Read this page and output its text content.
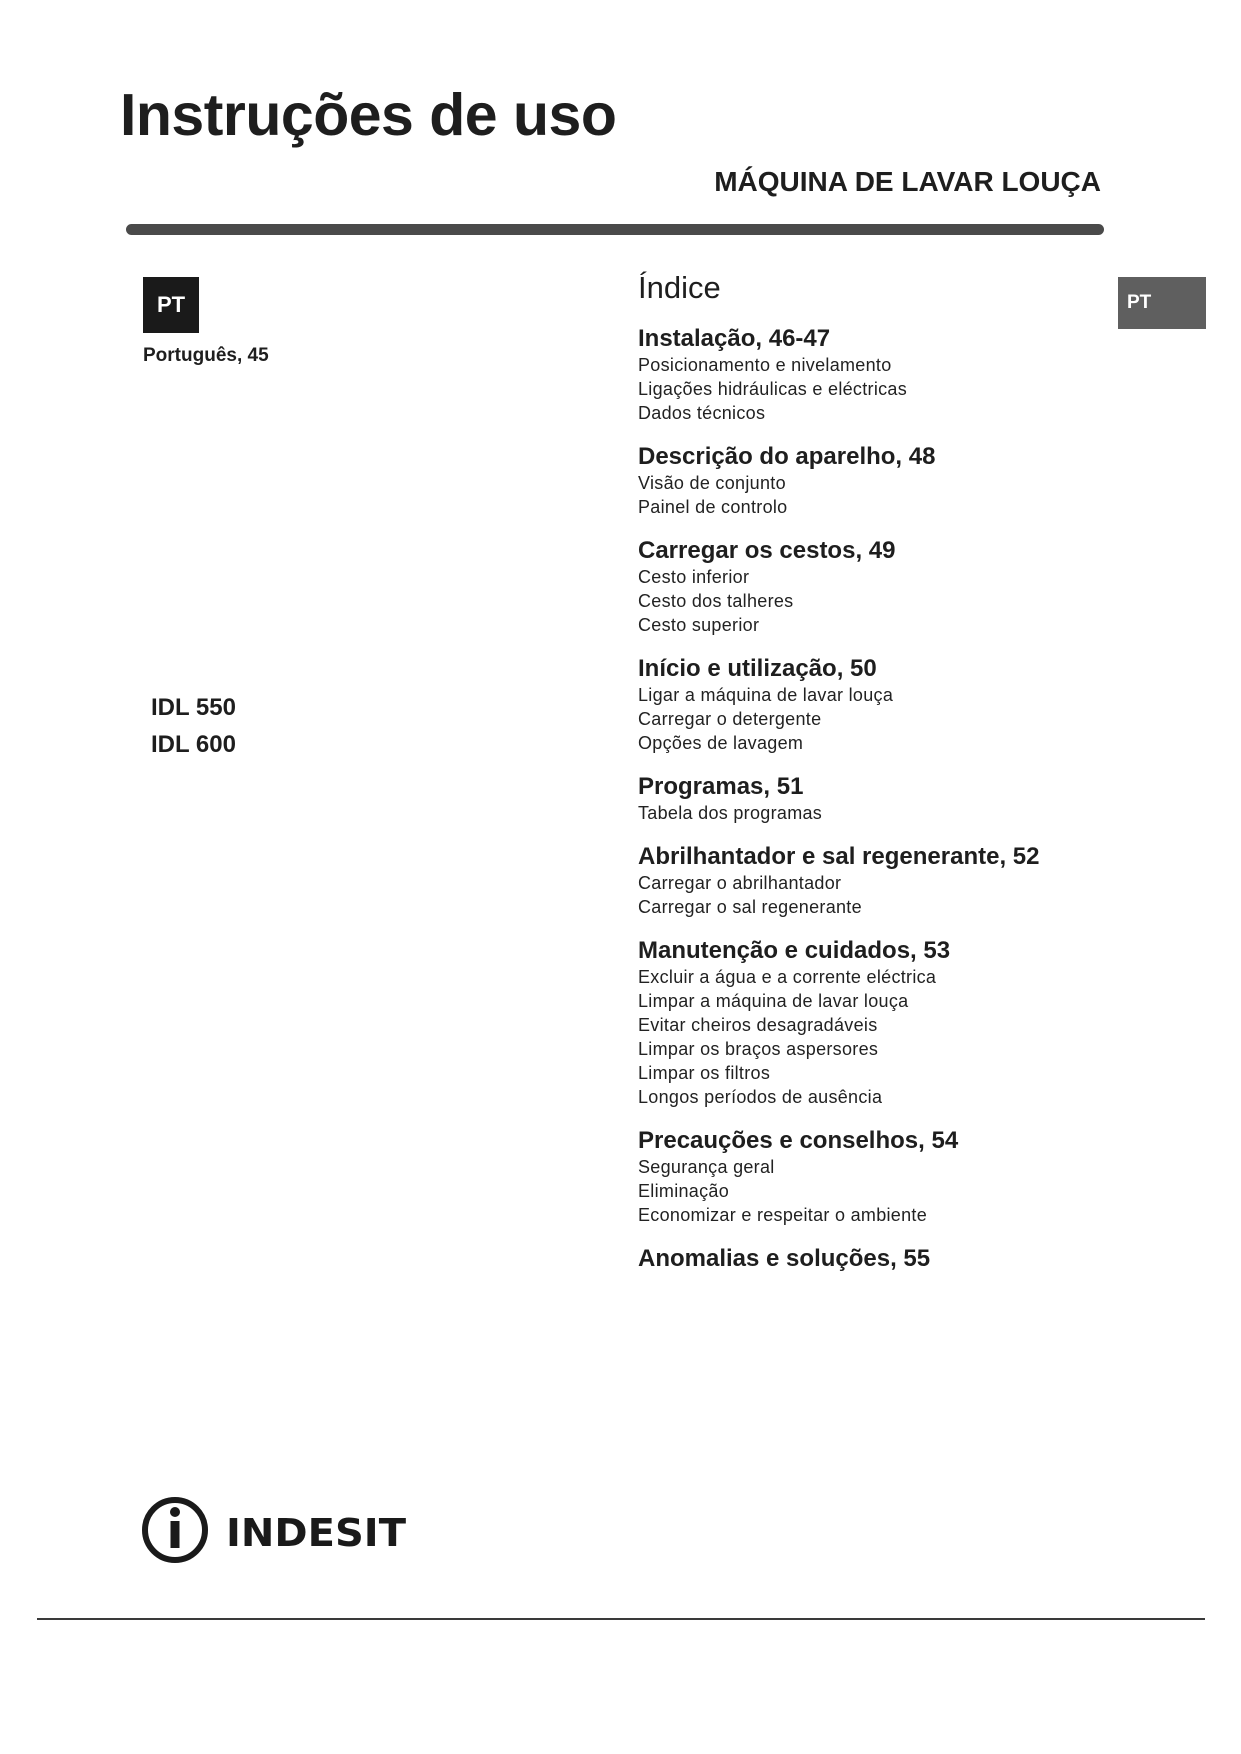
Instruções de uso
MÁQUINA DE LAVAR LOUÇA
PT
Português, 45
PT
IDL 550
IDL 600
Índice
Instalação, 46-47
Posicionamento e nivelamento
Ligações hidráulicas e eléctricas
Dados técnicos
Descrição do aparelho, 48
Visão de conjunto
Painel de controlo
Carregar os cestos, 49
Cesto inferior
Cesto dos talheres
Cesto superior
Início e utilização, 50
Ligar a máquina de lavar louça
Carregar o detergente
Opções de lavagem
Programas, 51
Tabela dos programas
Abrilhantador e sal regenerante, 52
Carregar o abrilhantador
Carregar o sal regenerante
Manutenção e cuidados, 53
Excluir a água e a corrente eléctrica
Limpar a máquina de lavar louça
Evitar cheiros desagradáveis
Limpar os braços aspersores
Limpar os filtros
Longos períodos de ausência
Precauções e conselhos, 54
Segurança geral
Eliminação
Economizar e respeitar o ambiente
Anomalias e soluções, 55
INDESIT
